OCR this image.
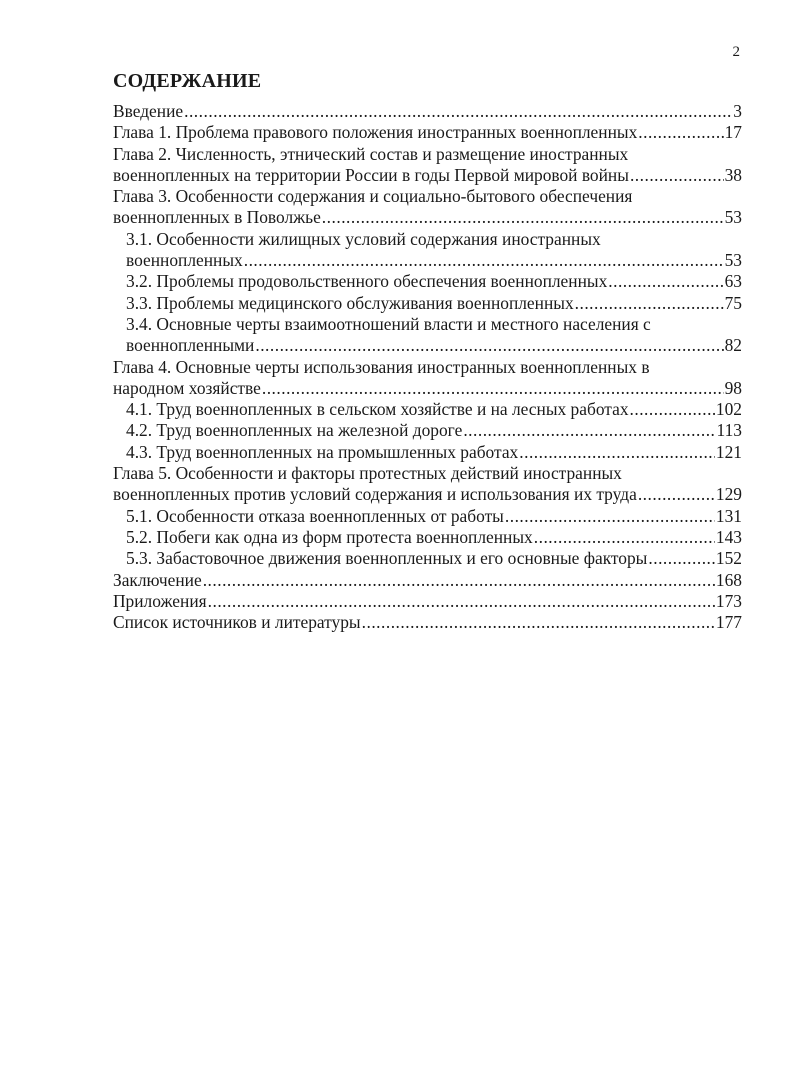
2
СОДЕРЖАНИЕ
Введение .....	3
Глава 1. Проблема правового положения иностранных военнопленных .....	17
Глава 2. Численность, этнический состав и размещение иностранных
военнопленных на территории России в годы Первой мировой войны .....	38
Глава 3. Особенности содержания и социально-бытового обеспечения
военнопленных в Поволжье .....	53
3.1. Особенности жилищных условий содержания иностранных
военнопленных .....	53
3.2. Проблемы продовольственного обеспечения военнопленных .....	63
3.3. Проблемы медицинского обслуживания военнопленных .....	75
3.4. Основные черты взаимоотношений власти и местного населения с
военнопленными .....	82
Глава 4. Основные черты использования иностранных военнопленных в
народном хозяйстве .....	98
4.1. Труд военнопленных в сельском хозяйстве и на лесных работах .....	102
4.2. Труд военнопленных на железной дороге .....	113
4.3. Труд военнопленных на промышленных работах .....	121
Глава 5. Особенности и факторы протестных действий иностранных
военнопленных против условий содержания и использования их труда .....	129
5.1. Особенности отказа военнопленных от работы .....	131
5.2. Побеги как одна из форм протеста военнопленных .....	143
5.3. Забастовочное движения военнопленных и его основные факторы .....	152
Заключение .....	168
Приложения .....	173
Список источников и литературы .....	177
